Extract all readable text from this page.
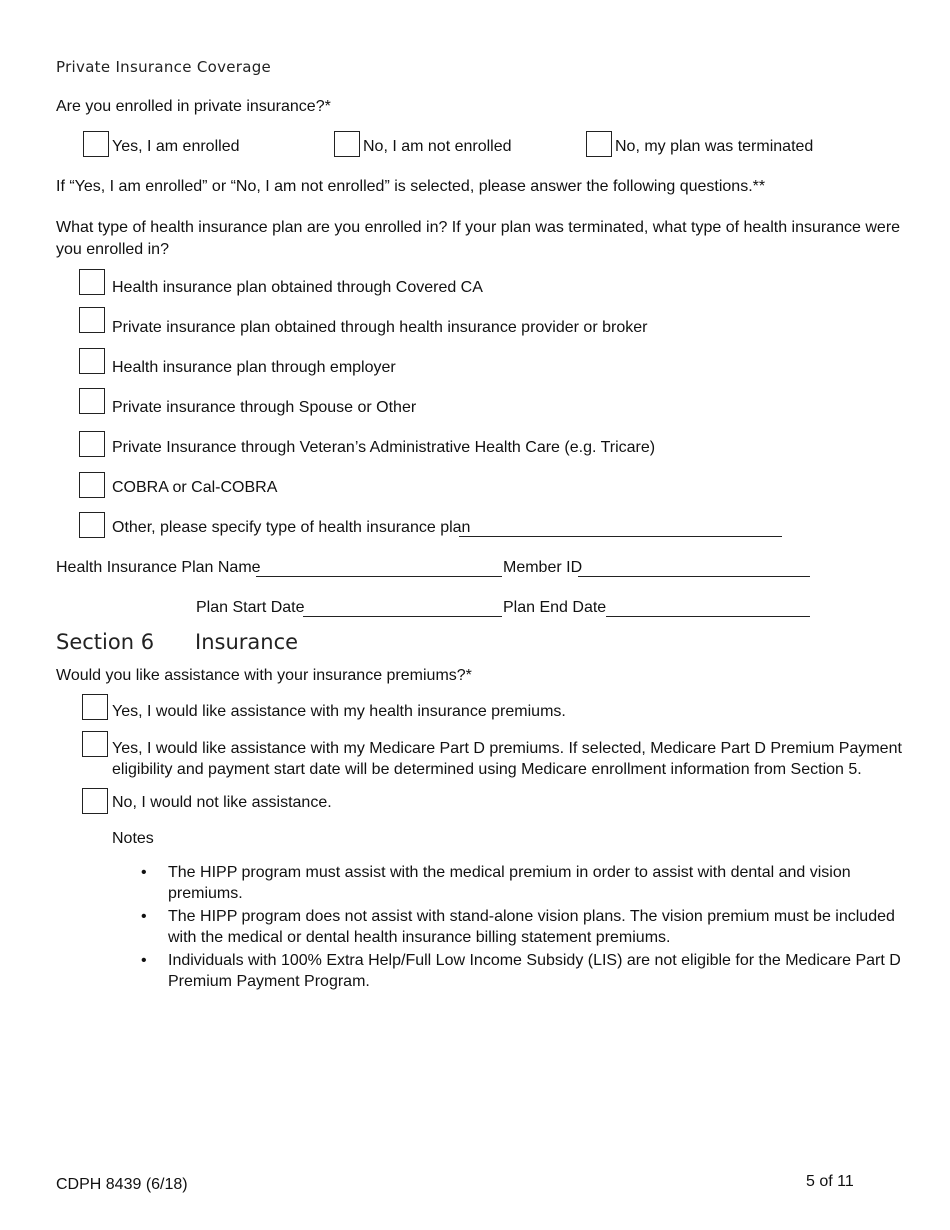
Private Insurance Coverage
Are you enrolled in private insurance?*
Yes, I am enrolled	No, I am not enrolled	No, my plan was terminated
If “Yes, I am enrolled” or “No, I am not enrolled” is selected, please answer the following questions.**
What type of health insurance plan are you enrolled in? If your plan was terminated, what type of health insurance were you enrolled in?
Health insurance plan obtained through Covered CA
Private insurance plan obtained through health insurance provider or broker
Health insurance plan through employer
Private insurance through Spouse or Other
Private Insurance through Veteran’s Administrative Health Care (e.g. Tricare)
COBRA or Cal-COBRA
Other, please specify type of health insurance plan
Health Insurance Plan Name	Member ID
Plan Start Date	Plan End Date
Section 6 Insurance
Would you like assistance with your insurance premiums?*
Yes, I would like assistance with my health insurance premiums.
Yes, I would like assistance with my Medicare Part D premiums. If selected, Medicare Part D Premium Payment eligibility and payment start date will be determined using Medicare enrollment information from Section 5.
No, I would not like assistance.
Notes
• The HIPP program must assist with the medical premium in order to assist with dental and vision premiums.
• The HIPP program does not assist with stand-alone vision plans. The vision premium must be included with the medical or dental health insurance billing statement premiums.
• Individuals with 100% Extra Help/Full Low Income Subsidy (LIS) are not eligible for the Medicare Part D Premium Payment Program.
CDPH 8439 (6/18)	5 of 11
